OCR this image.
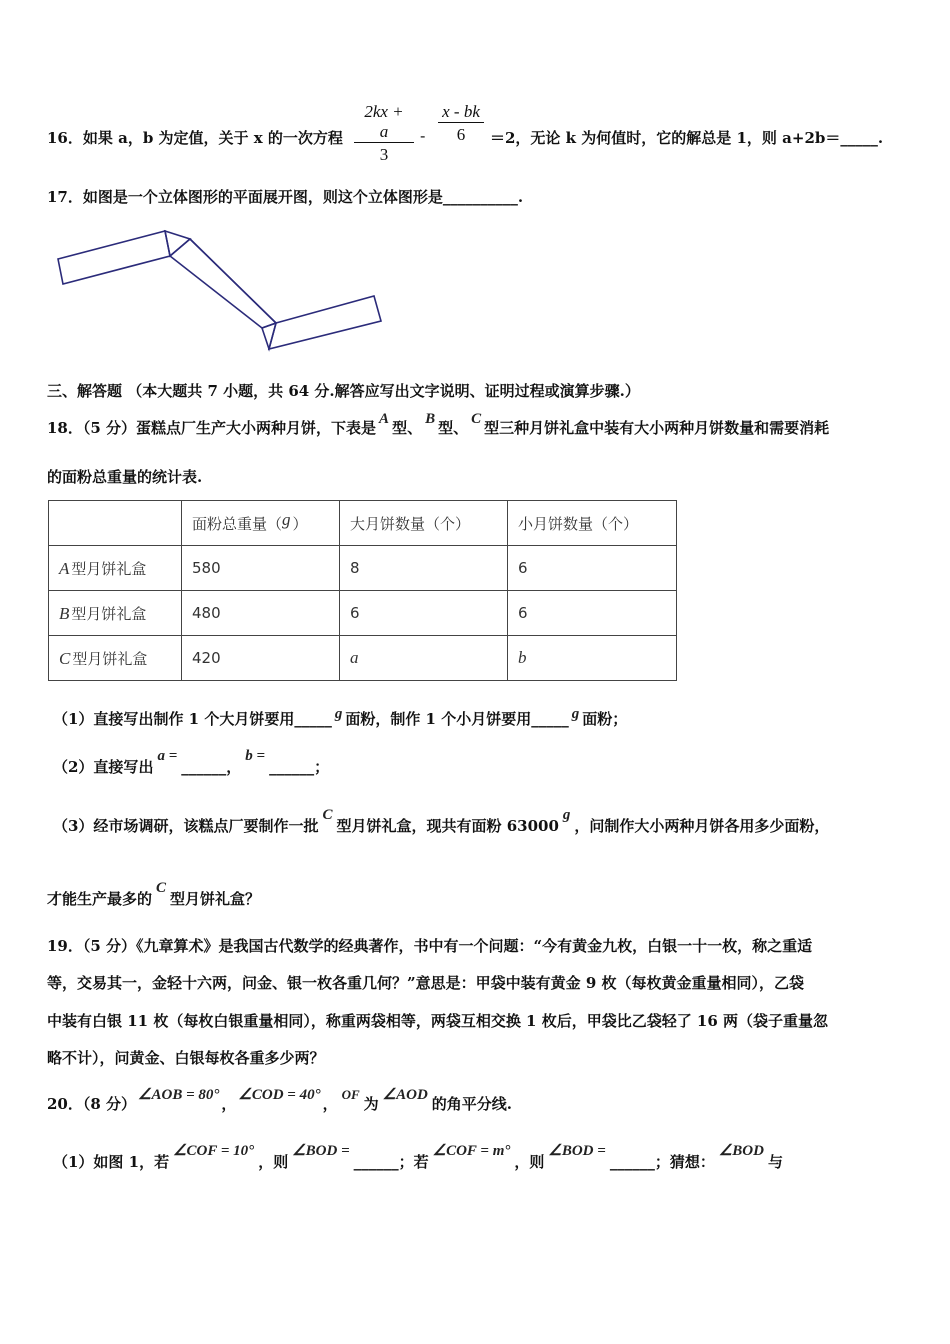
16．如果 a，b 为定值，关于 x 的一次方程 $\frac{2kx + a}{3} - \frac{x - bk}{6} =2$，无论 k 为何值时，它的解总是 1，则 a+2b＝_____.
17．如图是一个立体图形的平面展开图，则这个立体图形是__________.
三、解答题 （本大题共 7 小题，共 64 分.解答应写出文字说明、证明过程或演算步骤.）
18．（5 分）蛋糕点厂生产大小两种月饼，下表是 A 型、 B 型、 C 型三种月饼礼盒中装有大小两种月饼数量和需要消耗
的面粉总重量的统计表.
	面粉总重量（g ）	大月饼数量（个）	小月饼数量（个）
A 型月饼礼盒	580	8	6
B 型月饼礼盒	480	6	6
C 型月饼礼盒	420	a	b
（1）直接写出制作 1 个大月饼要用_____ g 面粉，制作 1 个小月饼要用_____ g 面粉；
（2）直接写出a =______，b =______；
（3）经市场调研，该糕点厂要制作一批C型月饼礼盒，现共有面粉 63000g，问制作大小两种月饼各用多少面粉，
才能生产最多的C型月饼礼盒？
19．（5 分）《九章算术》是我国古代数学的经典著作，书中有一个问题：“今有黄金九枚，白银一十一枚，称之重适
等，交易其一，金轻十六两，问金、银一枚各重几何？”意思是：甲袋中装有黄金 9 枚（每枚黄金重量相同），乙袋
中装有白银 11 枚（每枚白银重量相同），称重两袋相等，两袋互相交换 1 枚后，甲袋比乙袋轻了 16 两（袋子重量忽
略不计），问黄金、白银每枚各重多少两？
20．（8 分） ∠AOB = 80° ， ∠COD = 40° ，OF为 ∠AOD 的角平分线.
（1）如图 1，若∠COF = 10°，则∠BOD =______；若∠COF = m°，则∠BOD =______；猜想：∠BOD与
